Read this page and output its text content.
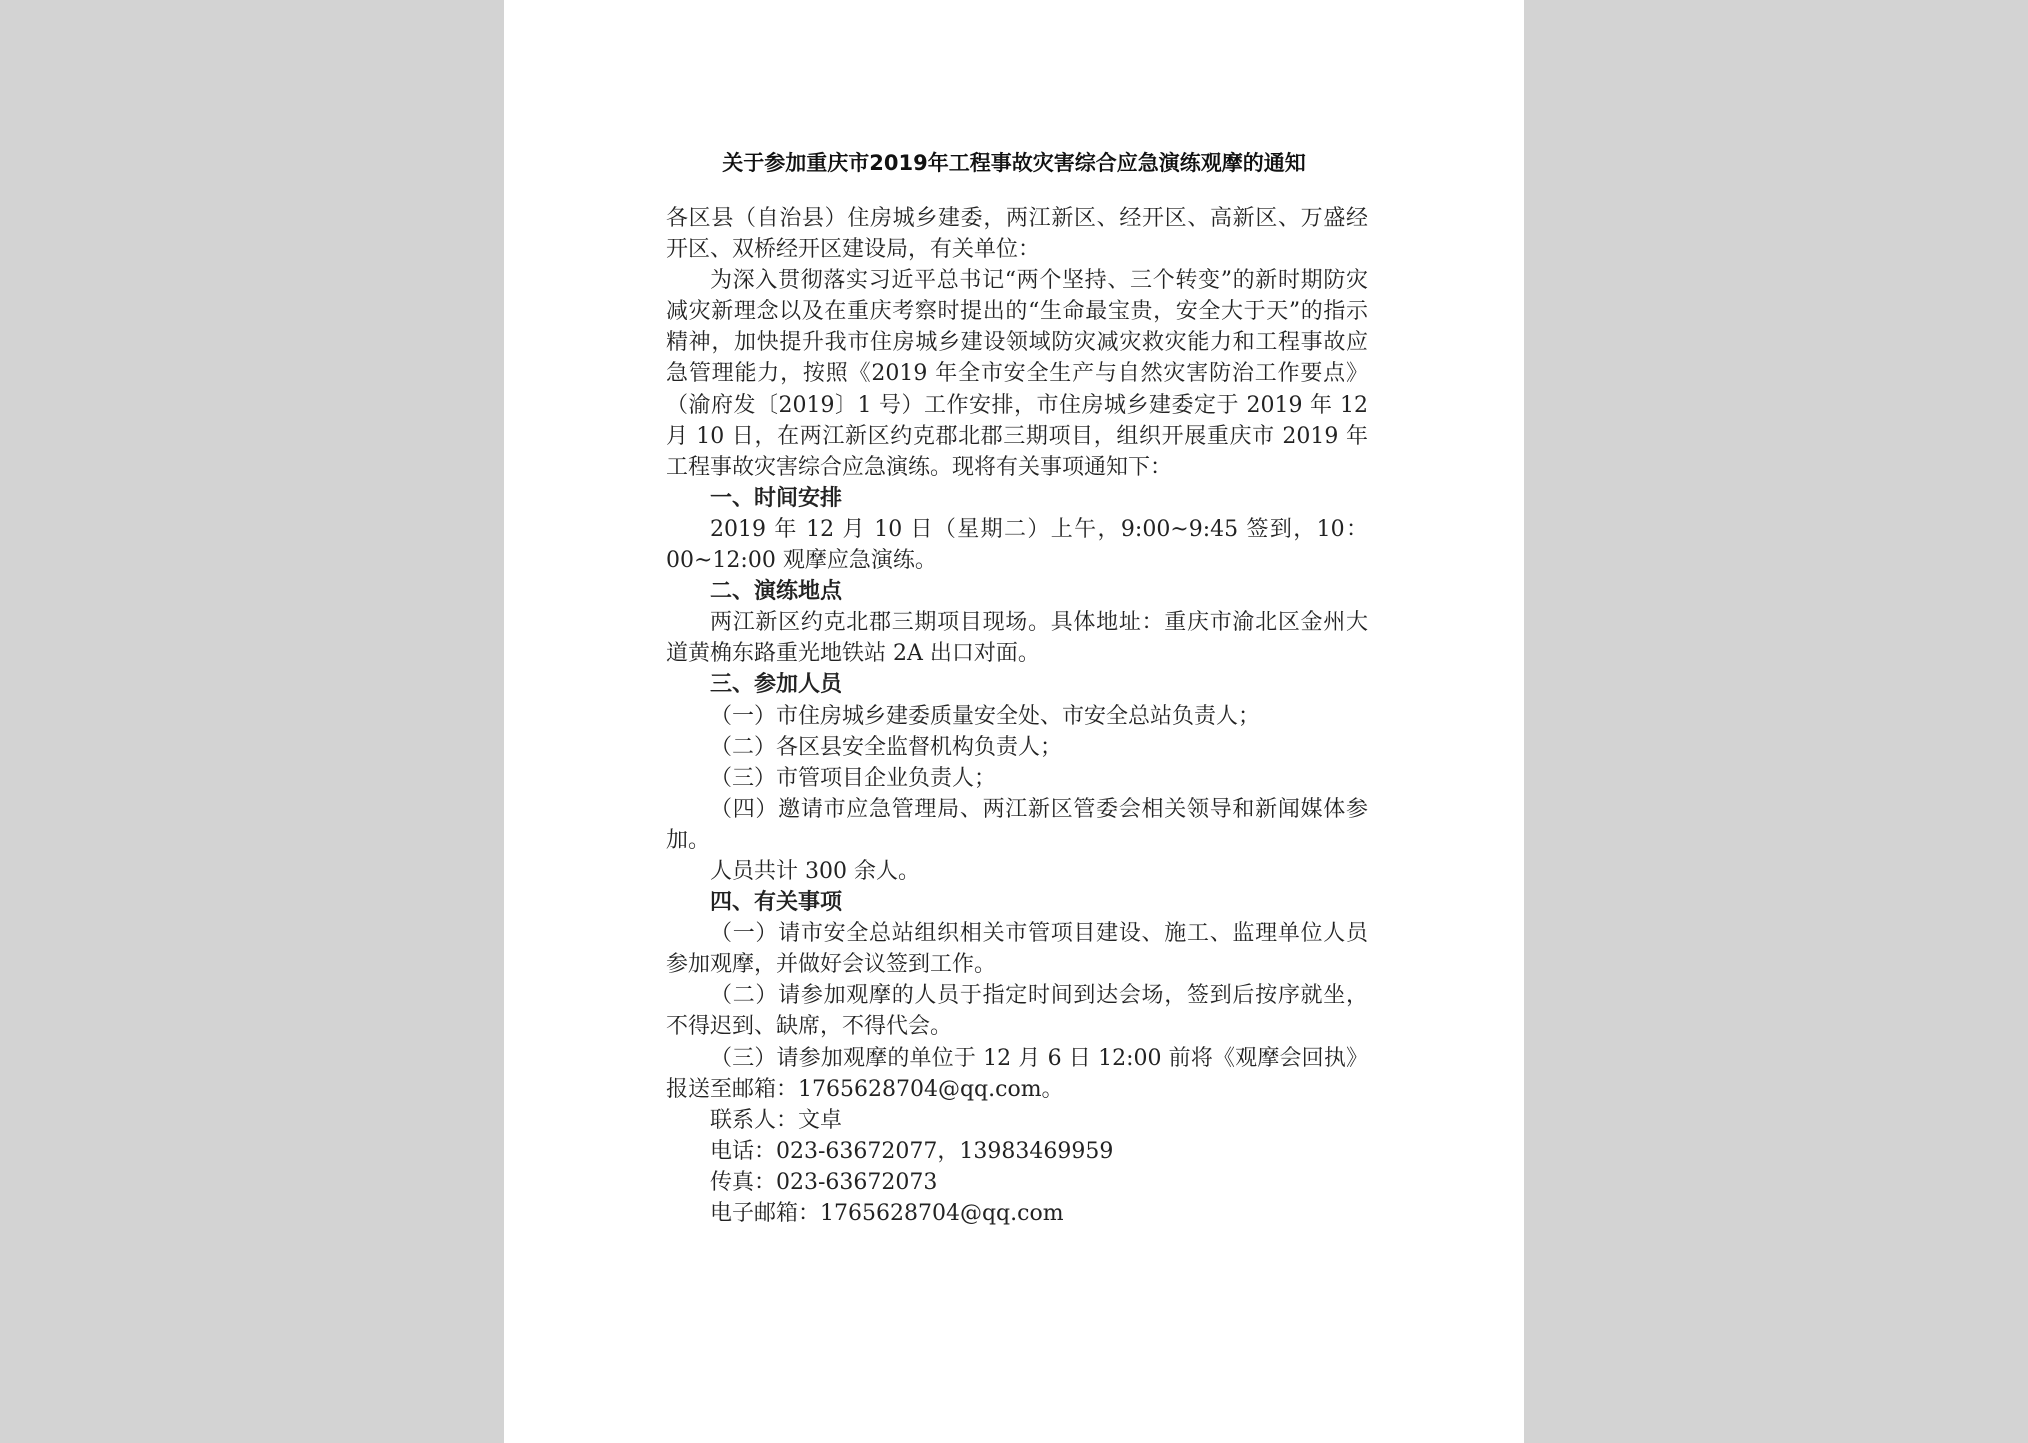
关于参加重庆市2019年工程事故灾害综合应急演练观摩的通知

各区县（自治县）住房城乡建委，两江新区、经开区、高新区、万盛经开区、双桥经开区建设局，有关单位：

为深入贯彻落实习近平总书记“两个坚持、三个转变”的新时期防灾减灾新理念以及在重庆考察时提出的“生命最宝贵，安全大于天”的指示精神，加快提升我市住房城乡建设领域防灾减灾救灾能力和工程事故应急管理能力，按照《2019 年全市安全生产与自然灾害防治工作要点》（渝府发〔2019〕1 号）工作安排，市住房城乡建委定于 2019 年 12 月 10 日，在两江新区约克郡北郡三期项目，组织开展重庆市 2019 年工程事故灾害综合应急演练。现将有关事项通知下：

一、时间安排

2019 年 12 月 10 日（星期二）上午，9:00~9:45 签到，10：00~12:00 观摩应急演练。

二、演练地点

两江新区约克北郡三期项目现场。具体地址：重庆市渝北区金州大道黄桷东路重光地铁站 2A 出口对面。

三、参加人员

（一）市住房城乡建委质量安全处、市安全总站负责人；

（二）各区县安全监督机构负责人；

（三）市管项目企业负责人；

（四）邀请市应急管理局、两江新区管委会相关领导和新闻媒体参加。

人员共计 300 余人。

四、有关事项

（一）请市安全总站组织相关市管项目建设、施工、监理单位人员参加观摩，并做好会议签到工作。

（二）请参加观摩的人员于指定时间到达会场，签到后按序就坐，不得迟到、缺席，不得代会。

（三）请参加观摩的单位于 12 月 6 日 12:00 前将《观摩会回执》报送至邮箱：1765628704@qq.com。

联系人：文卓

电话：023-63672077，13983469959

传真：023-63672073

电子邮箱：1765628704@qq.com
